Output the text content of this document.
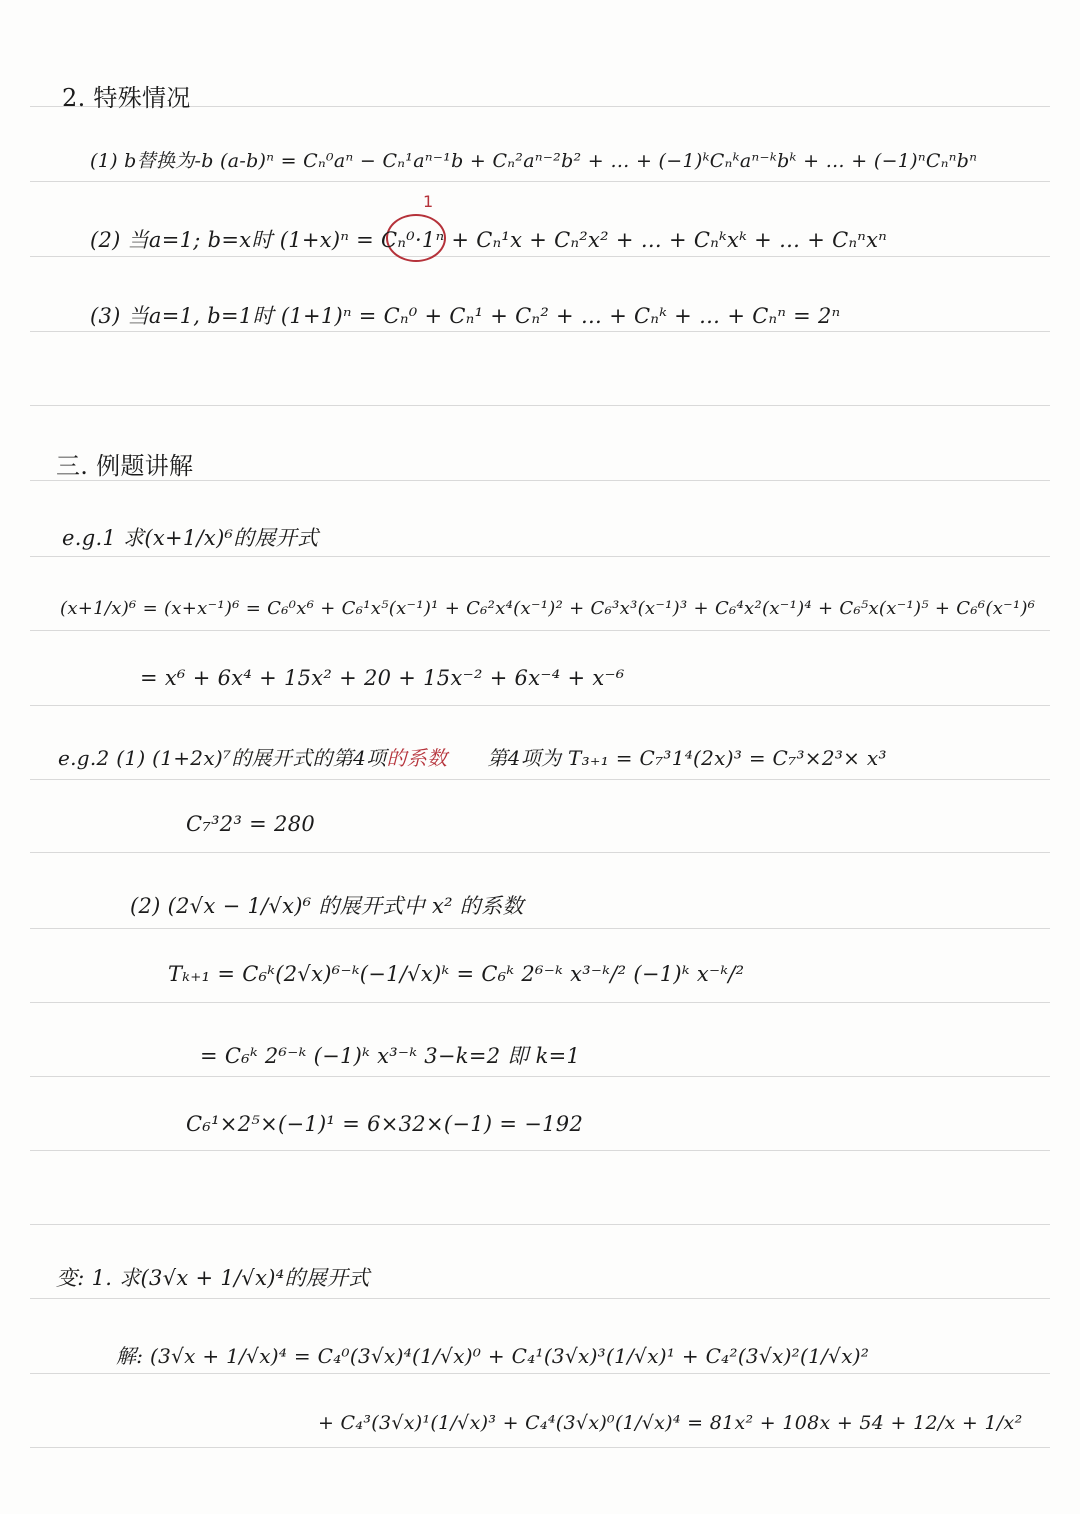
2. 特殊情况
(1) b替换为-b (a-b)ⁿ = Cₙ⁰aⁿ − Cₙ¹aⁿ⁻¹b + Cₙ²aⁿ⁻²b² + … + (−1)ᵏCₙᵏaⁿ⁻ᵏbᵏ + … + (−1)ⁿCₙⁿbⁿ
1
(2) 当a=1; b=x时 (1+x)ⁿ = Cₙ⁰·1ⁿ + Cₙ¹x + Cₙ²x² + … + Cₙᵏxᵏ + … + Cₙⁿxⁿ
(3) 当a=1, b=1时 (1+1)ⁿ = Cₙ⁰ + Cₙ¹ + Cₙ² + … + Cₙᵏ + … + Cₙⁿ = 2ⁿ
三. 例题讲解
e.g.1 求(x+1/x)⁶的展开式
(x+1/x)⁶ = (x+x⁻¹)⁶ = C₆⁰x⁶ + C₆¹x⁵(x⁻¹)¹ + C₆²x⁴(x⁻¹)² + C₆³x³(x⁻¹)³ + C₆⁴x²(x⁻¹)⁴ + C₆⁵x(x⁻¹)⁵ + C₆⁶(x⁻¹)⁶
= x⁶ + 6x⁴ + 15x² + 20 + 15x⁻² + 6x⁻⁴ + x⁻⁶
e.g.2 (1) (1+2x)⁷的展开式的第4项的系数 第4项为 T₃₊₁ = C₇³1⁴(2x)³ = C₇³×2³× x³
C₇³2³ = 280
(2) (2√x − 1/√x)⁶ 的展开式中 x² 的系数
Tₖ₊₁ = C₆ᵏ(2√x)⁶⁻ᵏ(−1/√x)ᵏ = C₆ᵏ 2⁶⁻ᵏ x³⁻ᵏ/² (−1)ᵏ x⁻ᵏ/²
= C₆ᵏ 2⁶⁻ᵏ (−1)ᵏ x³⁻ᵏ 3−k=2 即 k=1
C₆¹×2⁵×(−1)¹ = 6×32×(−1) = −192
变: 1. 求(3√x + 1/√x)⁴的展开式
解: (3√x + 1/√x)⁴ = C₄⁰(3√x)⁴(1/√x)⁰ + C₄¹(3√x)³(1/√x)¹ + C₄²(3√x)²(1/√x)²
+ C₄³(3√x)¹(1/√x)³ + C₄⁴(3√x)⁰(1/√x)⁴ = 81x² + 108x + 54 + 12/x + 1/x²
